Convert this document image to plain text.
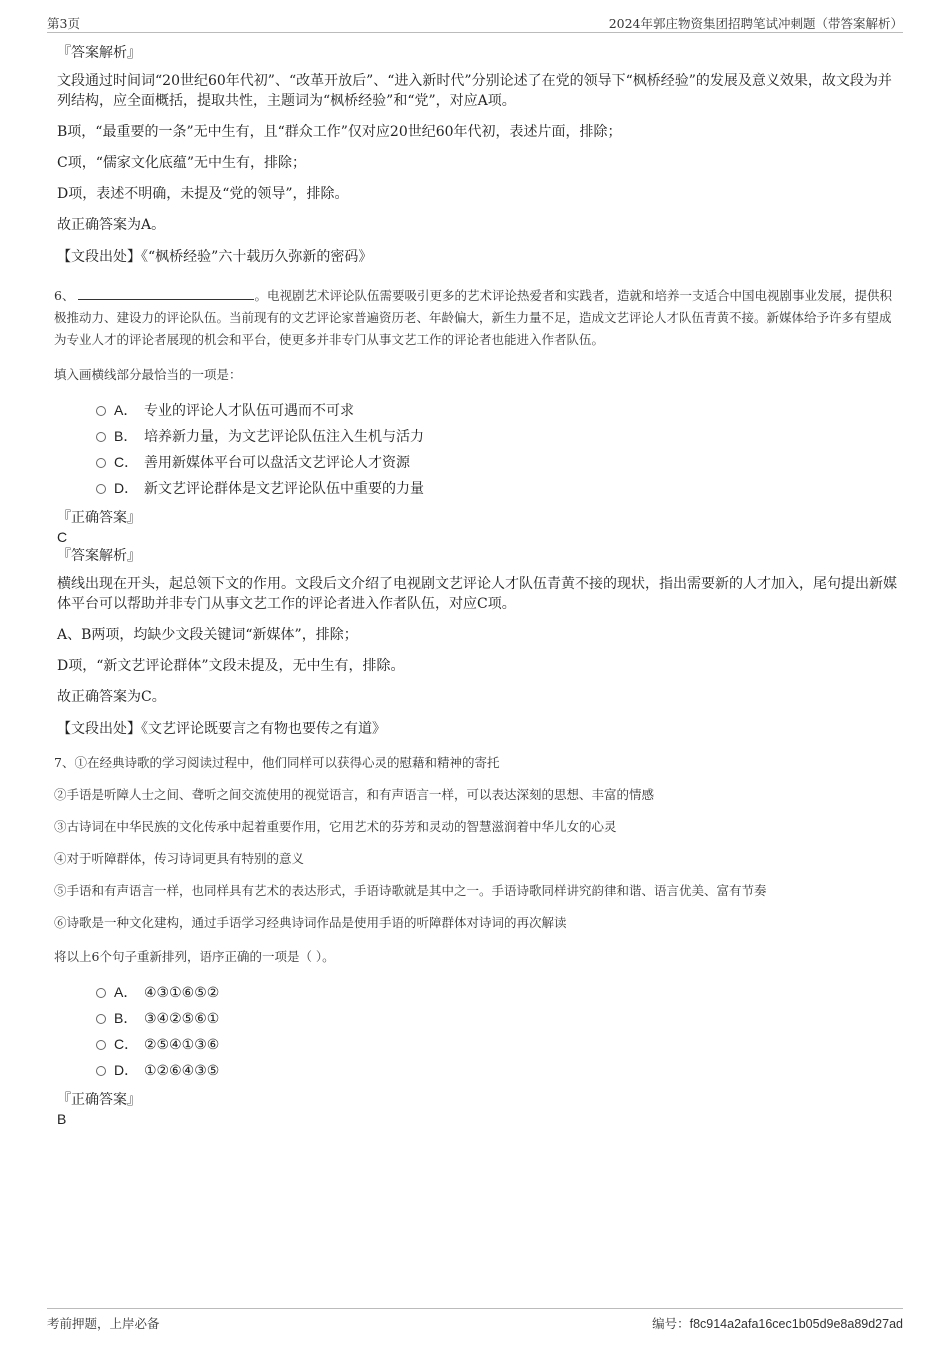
第3页	2024年郭庄物资集团招聘笔试冲刺题（带答案解析）
『答案解析』
文段通过时间词“20世纪60年代初”、“改革开放后”、“进入新时代”分别论述了在党的领导下“枫桥经验”的发展及意义效果，故文段为并列结构，应全面概括，提取共性，主题词为“枫桥经验”和“党”，对应A项。
B项，“最重要的一条”无中生有，且“群众工作”仅对应20世纪60年代初，表述片面，排除；
C项，“儒家文化底蕴”无中生有，排除；
D项，表述不明确，未提及“党的领导”，排除。
故正确答案为A。
【文段出处】《“枫桥经验”六十载历久弥新的密码》
6、	。电视剧艺术评论队伍需要吸引更多的艺术评论热爱者和实践者，造就和培养一支适合中国电视剧事业发展，提供积极推动力、建设力的评论队伍。当前现有的文艺评论家普遍资历老、年龄偏大，新生力量不足，造成文艺评论人才队伍青黄不接。新媒体给予许多有望成为专业人才的评论者展现的机会和平台，使更多并非专门从事文艺工作的评论者也能进入作者队伍。
填入画横线部分最恰当的一项是：
A． 专业的评论人才队伍可遇而不可求
B． 培养新力量，为文艺评论队伍注入生机与活力
C． 善用新媒体平台可以盘活文艺评论人才资源
D． 新文艺评论群体是文艺评论队伍中重要的力量
『正确答案』
C
『答案解析』
横线出现在开头，起总领下文的作用。文段后文介绍了电视剧文艺评论人才队伍青黄不接的现状，指出需要新的人才加入，尾句提出新媒体平台可以帮助并非专门从事文艺工作的评论者进入作者队伍，对应C项。
A、B两项，均缺少文段关键词“新媒体”，排除；
D项，“新文艺评论群体”文段未提及，无中生有，排除。
故正确答案为C。
【文段出处】《文艺评论既要言之有物也要传之有道》
7、①在经典诗歌的学习阅读过程中，他们同样可以获得心灵的慰藉和精神的寄托
②手语是听障人士之间、聋听之间交流使用的视觉语言，和有声语言一样，可以表达深刻的思想、丰富的情感
③古诗词在中华民族的文化传承中起着重要作用，它用艺术的芬芳和灵动的智慧滋润着中华儿女的心灵
④对于听障群体，传习诗词更具有特别的意义
⑤手语和有声语言一样，也同样具有艺术的表达形式，手语诗歌就是其中之一。手语诗歌同样讲究韵律和谐、语言优美、富有节奏
⑥诗歌是一种文化建构，通过手语学习经典诗词作品是使用手语的听障群体对诗词的再次解读
将以上6个句子重新排列，语序正确的一项是（ ）。
A． ④③①⑥⑤②
B． ③④②⑤⑥①
C． ②⑤④①③⑥
D． ①②⑥④③⑤
『正确答案』
B
考前押题，上岸必备	编号：f8c914a2afa16cec1b05d9e8a89d27ad
